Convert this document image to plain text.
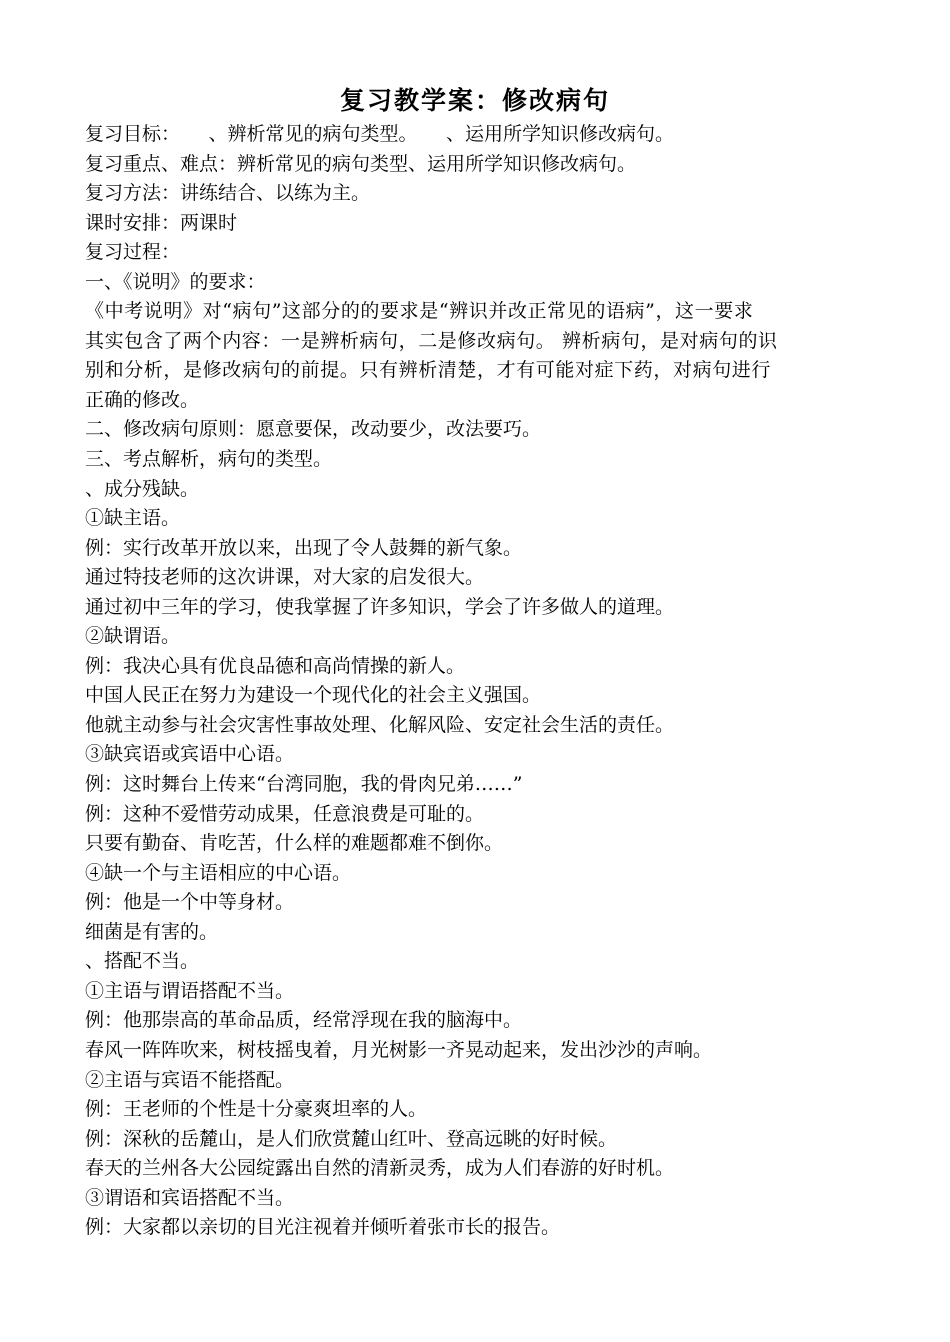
复习教学案：修改病句
复习目标：　　、辨析常见的病句类型。　　、运用所学知识修改病句。
复习重点、难点：辨析常见的病句类型、运用所学知识修改病句。
复习方法：讲练结合、以练为主。
课时安排：两课时
复习过程：
一、《说明》的要求：
《中考说明》对“病句”这部分的的要求是“辨识并改正常见的语病”，这一要求
其实包含了两个内容：一是辨析病句，二是修改病句。 辨析病句，是对病句的识
别和分析，是修改病句的前提。只有辨析清楚，才有可能对症下药，对病句进行
正确的修改。
二、修改病句原则：愿意要保，改动要少，改法要巧。
三、考点解析，病句的类型。
、成分残缺。
①缺主语。
例：实行改革开放以来，出现了令人鼓舞的新气象。
通过特技老师的这次讲课，对大家的启发很大。
通过初中三年的学习，使我掌握了许多知识，学会了许多做人的道理。
②缺谓语。
例：我决心具有优良品德和高尚情操的新人。
中国人民正在努力为建设一个现代化的社会主义强国。
他就主动参与社会灾害性事故处理、化解风险、安定社会生活的责任。
③缺宾语或宾语中心语。
例：这时舞台上传来“台湾同胞，我的骨肉兄弟……”
例：这种不爱惜劳动成果，任意浪费是可耻的。
只要有勤奋、肯吃苦，什么样的难题都难不倒你。
④缺一个与主语相应的中心语。
例：他是一个中等身材。
细菌是有害的。
、搭配不当。
①主语与谓语搭配不当。
例：他那崇高的革命品质，经常浮现在我的脑海中。
春风一阵阵吹来，树枝摇曳着，月光树影一齐晃动起来，发出沙沙的声响。
②主语与宾语不能搭配。
例：王老师的个性是十分豪爽坦率的人。
例：深秋的岳麓山，是人们欣赏麓山红叶、登高远眺的好时候。
春天的兰州各大公园绽露出自然的清新灵秀，成为人们春游的好时机。
③谓语和宾语搭配不当。
例：大家都以亲切的目光注视着并倾听着张市长的报告。
